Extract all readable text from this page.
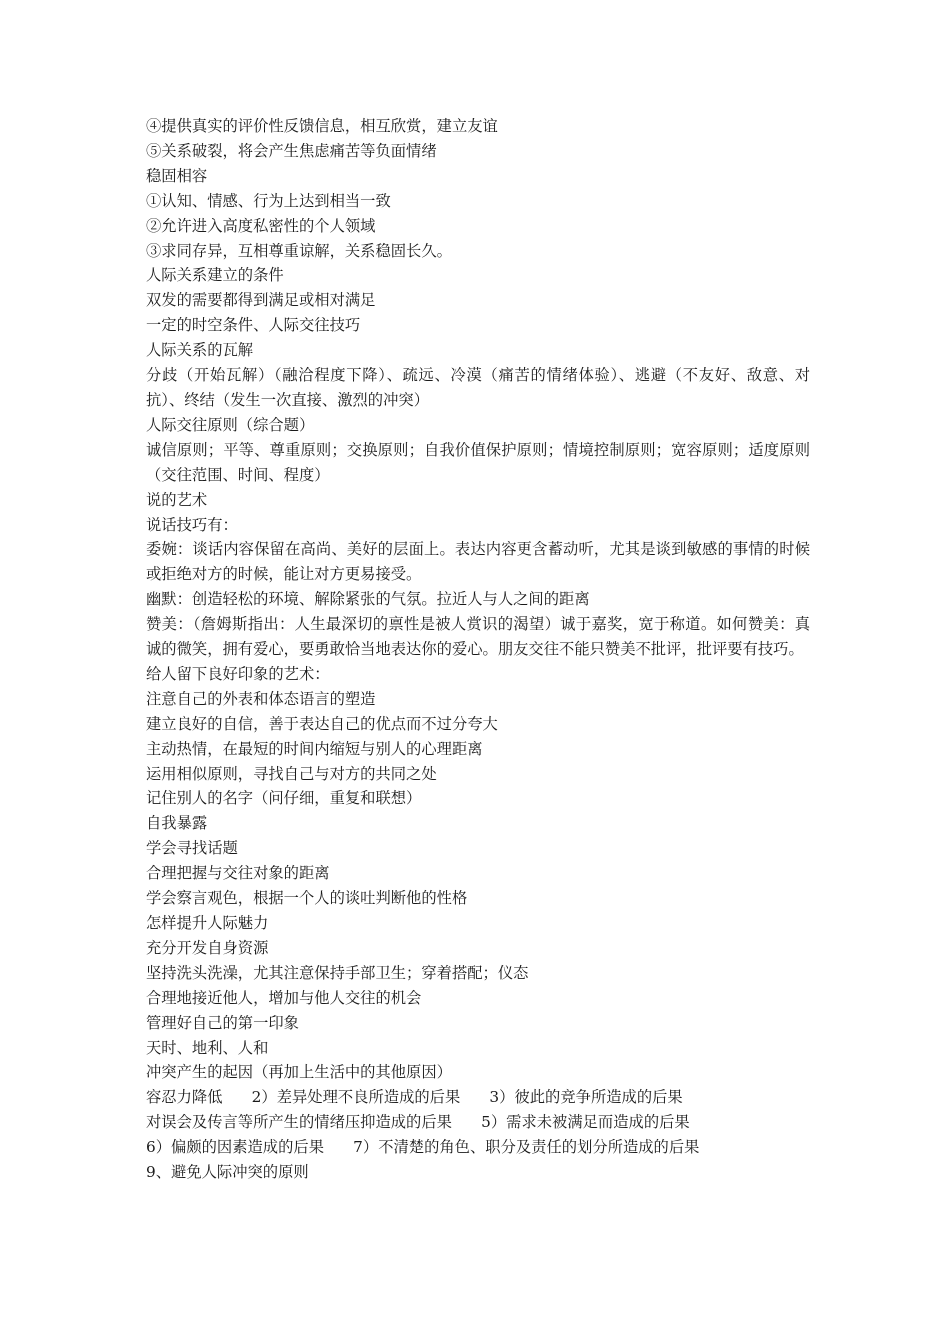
④提供真实的评价性反馈信息，相互欣赏，建立友谊
⑤关系破裂，将会产生焦虑痛苦等负面情绪
稳固相容
①认知、情感、行为上达到相当一致
②允许进入高度私密性的个人领域
③求同存异，互相尊重谅解，关系稳固长久。
人际关系建立的条件
双发的需要都得到满足或相对满足
一定的时空条件、人际交往技巧
人际关系的瓦解

分歧（开始瓦解）（融洽程度下降）、疏远、冷漠（痛苦的情绪体验）、逃避（不友好、敌意、对抗）、终结（发生一次直接、激烈的冲突）

人际交往原则（综合题）

诚信原则；平等、尊重原则；交换原则；自我价值保护原则；情境控制原则；宽容原则；适度原则（交往范围、时间、程度）

说的艺术
说话技巧有：

委婉：谈话内容保留在高尚、美好的层面上。表达内容更含蓄动听，尤其是谈到敏感的事情的时候或拒绝对方的时候，能让对方更易接受。

幽默：创造轻松的环境、解除紧张的气氛。拉近人与人之间的距离

赞美：（詹姆斯指出：人生最深切的禀性是被人赏识的渴望）诚于嘉奖，宽于称道。如何赞美：真诚的微笑，拥有爱心，要勇敢恰当地表达你的爱心。朋友交往不能只赞美不批评，批评要有技巧。

给人留下良好印象的艺术：
注意自己的外表和体态语言的塑造
建立良好的自信，善于表达自己的优点而不过分夸大
主动热情，在最短的时间内缩短与别人的心理距离
运用相似原则，寻找自己与对方的共同之处
记住别人的名字（问仔细，重复和联想）
自我暴露
学会寻找话题
合理把握与交往对象的距离
学会察言观色，根据一个人的谈吐判断他的性格
怎样提升人际魅力
充分开发自身资源
坚持洗头洗澡，尤其注意保持手部卫生；穿着搭配；仪态
合理地接近他人，增加与他人交往的机会
管理好自己的第一印象
天时、地利、人和
冲突产生的起因（再加上生活中的其他原因）
容忍力降低      2）差异处理不良所造成的后果      3）彼此的竞争所造成的后果
对误会及传言等所产生的情绪压抑造成的后果      5）需求未被满足而造成的后果
6）偏颇的因素造成的后果      7）不清楚的角色、职分及责任的划分所造成的后果
9、避免人际冲突的原则
